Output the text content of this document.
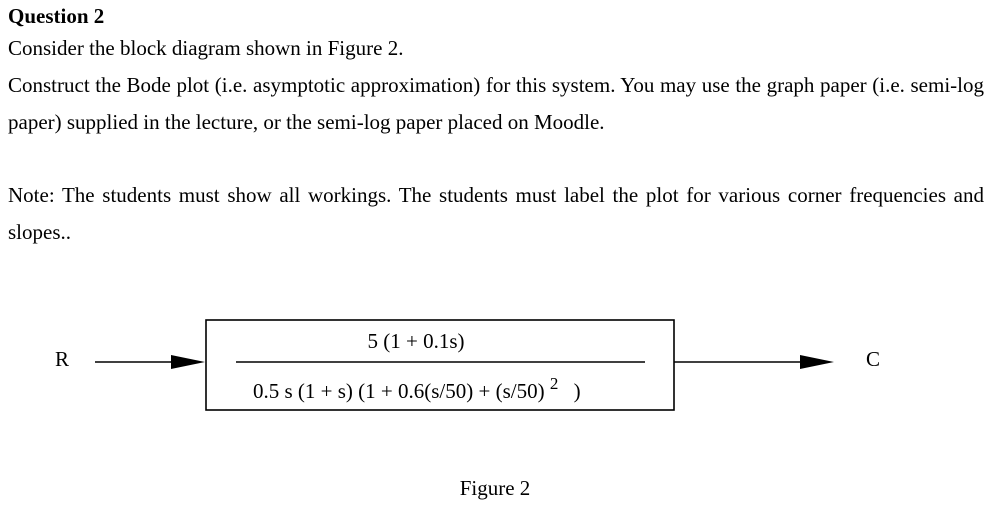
Question 2
Consider the block diagram shown in Figure 2.
Construct the Bode plot (i.e. asymptotic approximation) for this system. You may use the graph paper (i.e. semi-log paper) supplied in the lecture, or the semi-log paper placed on Moodle.
Note: The students must show all workings. The students must label the plot for various corner frequencies and slopes..
R
5 (1 + 0.1s)
0.5 s (1 + s) (1 + 0.6(s/50) + (s/50) $^2$ )
C
Figure 2
